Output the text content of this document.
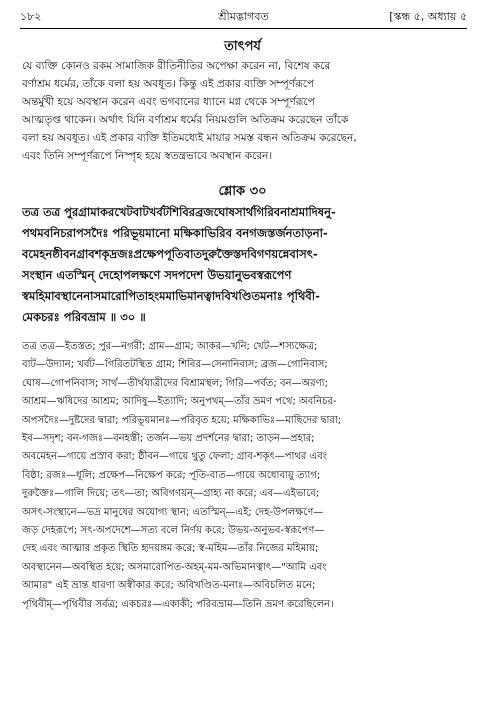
১৮২	শ্রীমদ্ভাগবত	[স্কন্ধ ৫, অধ্যায় ৫
তাৎপর্য
যে ব্যক্তি কোনও রকম সামাজিক রীতিনীতির অপেক্ষা করেন না, বিশেষ করে
বর্ণাশ্রম ধর্মের, তাঁকে বলা হয় অবধূত। কিন্তু এই প্রকার ব্যক্তি সম্পূর্ণরূপে
অন্তর্মুখী হয়ে অবস্থান করেন এবং ভগবানের ধ্যানে মগ্ন থেকে সম্পূর্ণরূপে
আত্মতৃপ্ত থাকেন। অর্থাৎ যিনি বর্ণাশ্রম ধর্মের নিয়মগুলি অতিক্রম করেছেন তাঁকে
বলা হয় অবধূত। এই প্রকার ব্যক্তি ইতিমধ্যেই মায়ার সমস্ত বন্ধন অতিক্রম করেছেন,
এবং তিনি সম্পূর্ণরূপে নিস্পৃহ হয়ে স্বতন্ত্রভাবে অবস্থান করেন।
শ্লোক ৩০
তত্র তত্র পুরগ্রামাকরখেটবাটখর্বটশিবিরব্রজঘোষসার্থগিরিবনাশ্রমাদিষনু-
পথমবনিচরাপসদৈঃ পরিভূয়মানো মক্ষিকাভিরিব বনগজস্তর্জনতাড়না-
বমেহনষ্ঠীবনগ্রাবশকৃদ্রজঃপ্রক্ষেপপূতিবাতদুরুক্তৈস্তদবিগণয়ন্নেবাসৎ-
সংস্থান এতস্মিন্ দেহোপলক্ষণে সদপদেশ উভয়ানুভবস্বরূপেণ
স্বমহিমাবস্থানেনাসমারোপিতাহংমমাভিমানত্বাদবিখণ্ডিতমনাঃ পৃথিবী-
মেকচরঃ পরিবভ্রাম ॥ ৩০ ॥
তত্র তত্র—ইতস্তত; পুর—নগরী; গ্রাম—গ্রাম; আকর—খনি; খেট—শস্যক্ষেত্র;
বাট—উদ্যান; খর্বট—গিরিতটস্থিত গ্রাম; শিবির—সেনানিবাস; ব্রজ—গোনিবাস;
ঘোষ—গোপনিবাস; সার্থ—তীর্থযাত্রীদের বিশ্রামস্থল; গিরি—পর্বত; বন—অরণ্য;
আশ্রম—ঋষিদের আশ্রম; আদিষু—ইত্যাদি; অনুপথম্—তাঁর ভ্রমণ পথে; অবনিচর-
অপসদৈঃ—দুষ্টদের দ্বারা; পরিভূয়মানঃ—পরিবৃত হয়ে; মক্ষিকাভিঃ—মাছিদের দ্বারা;
ইব—সদৃশ; বন-গজঃ—বনহস্তী; তর্জন—ভয় প্রদর্শনের দ্বারা; তাড়ন—প্রহার;
অবমেহন—গায়ে প্রস্রাব করা; ষ্ঠীবন—গায়ে থুতু ফেলা; গ্রাব-শকৃৎ—পাথর এবং
বিষ্ঠা; রজঃ—ধূলি; প্রক্ষেপ—নিক্ষেপ করে; পূতি-বাত—গায়ে অধোবায়ু ত্যাগ;
দুরুক্তৈঃ—গালি দিয়ে; তৎ—তা; অবিগণয়ন্—গ্রাহ্য না করে; এব—এইভাবে;
অসৎ-সংস্থানে—ভদ্র মানুষের অযোগ্য স্থান; এতস্মিন্—এই; দেহ-উপলক্ষণে—
জড় দেহরূপে; সৎ-অপদেশে—সত্য বলে নির্ণয় করে; উভয়-অনুভব-স্বরূপেণ—
দেহ এবং আত্মার প্রকৃত স্থিতি হৃদয়ঙ্গম করে; স্ব-মহিম—তাঁর নিজের মহিমায়;
অবস্থানেন—অবস্থিত হয়ে; অসমারোপিত-অহম্-মম-অভিমানত্বাৎ—"আমি এবং
আমার" এই ভ্রান্ত ধারণা অস্বীকার করে; অবিখণ্ডিত-মনাঃ—অবিচলিত মনে;
পৃথিবীম্—পৃথিবীর সর্বত্র; একচরঃ—একাকী; পরিবভ্রাম—তিনি ভ্রমণ করেছিলেন।
